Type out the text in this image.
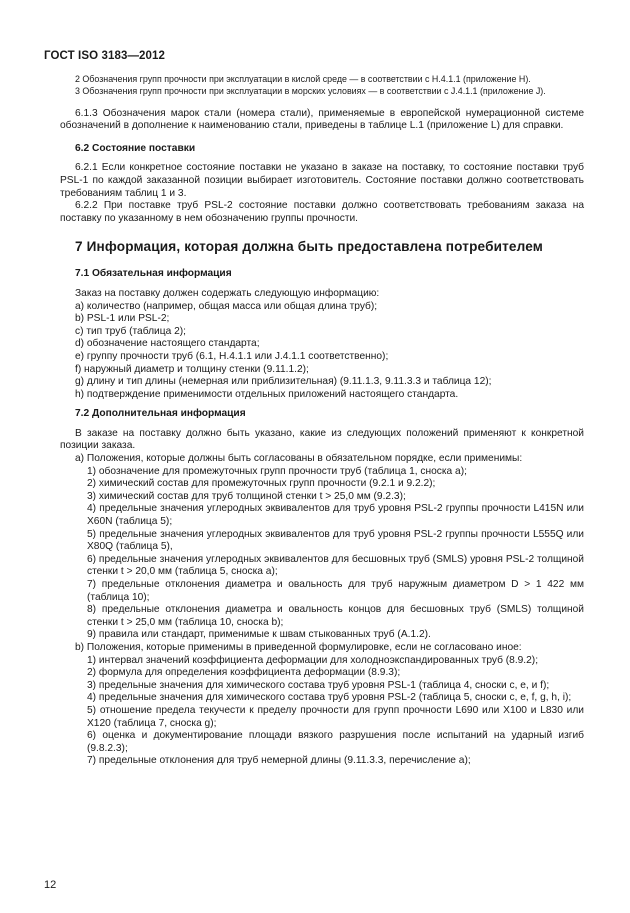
ГОСТ ISO 3183—2012

2 Обозначения групп прочности при эксплуатации в кислой среде — в соответствии с Н.4.1.1 (приложение Н).

3 Обозначения групп прочности при эксплуатации в морских условиях — в соответствии с J.4.1.1 (приложение J).

6.1.3 Обозначения марок стали (номера стали), применяемые в европейской нумерационной системе обозначений в дополнение к наименованию стали, приведены в таблице L.1 (приложение L) для справки.

6.2 Состояние поставки

6.2.1 Если конкретное состояние поставки не указано в заказе на поставку, то состояние поставки труб PSL-1 по каждой заказанной позиции выбирает изготовитель. Состояние поставки должно соответствовать требованиям таблиц 1 и 3.

6.2.2 При поставке труб PSL-2 состояние поставки должно соответствовать требованиям заказа на поставку по указанному в нем обозначению группы прочности.

7 Информация, которая должна быть предоставлена потребителем

7.1 Обязательная информация

Заказ на поставку должен содержать следующую информацию:

a) количество (например, общая масса или общая длина труб);

b) PSL-1 или PSL-2;

c) тип труб (таблица 2);

d) обозначение настоящего стандарта;

e) группу прочности труб (6.1, Н.4.1.1 или J.4.1.1 соответственно);

f) наружный диаметр и толщину стенки (9.11.1.2);

g) длину и тип длины (немерная или приблизительная) (9.11.1.3, 9.11.3.3 и таблица 12);

h) подтверждение применимости отдельных приложений настоящего стандарта.

7.2 Дополнительная информация

В заказе на поставку должно быть указано, какие из следующих положений применяют к конкретной позиции заказа.

a) Положения, которые должны быть согласованы в обязательном порядке, если применимы:

1) обозначение для промежуточных групп прочности труб (таблица 1, сноска а);

2) химический состав для промежуточных групп прочности (9.2.1 и 9.2.2);

3) химический состав для труб толщиной стенки t > 25,0 мм (9.2.3);

4) предельные значения углеродных эквивалентов для труб уровня PSL-2 группы прочности L415N или X60N (таблица 5);

5) предельные значения углеродных эквивалентов для труб уровня PSL-2 группы прочности L555Q или X80Q (таблица 5),

6) предельные значения углеродных эквивалентов для бесшовных труб (SMLS) уровня PSL-2 толщиной стенки t > 20,0 мм (таблица 5, сноска а);

7) предельные отклонения диаметра и овальность для труб наружным диаметром D > 1 422 мм (таблица 10);

8) предельные отклонения диаметра и овальность концов для бесшовных труб (SMLS) толщиной стенки t > 25,0 мм (таблица 10, сноска b);

9) правила или стандарт, применимые к швам стыкованных труб (А.1.2).

b) Положения, которые применимы в приведенной формулировке, если не согласовано иное:

1) интервал значений коэффициента деформации для холодноэкспандированных труб (8.9.2);

2) формула для определения коэффициента деформации (8.9.3);

3) предельные значения для химического состава труб уровня PSL-1 (таблица 4, сноски с, е, и f);

4) предельные значения для химического состава труб уровня PSL-2 (таблица 5, сноски с, е, f, g, h, i);

5) отношение предела текучести к пределу прочности для групп прочности L690 или X100 и L830 или X120 (таблица 7, сноска g);

6) оценка и документирование площади вязкого разрушения после испытаний на ударный изгиб (9.8.2.3);

7) предельные отклонения для труб немерной длины (9.11.3.3, перечисление а);

12
